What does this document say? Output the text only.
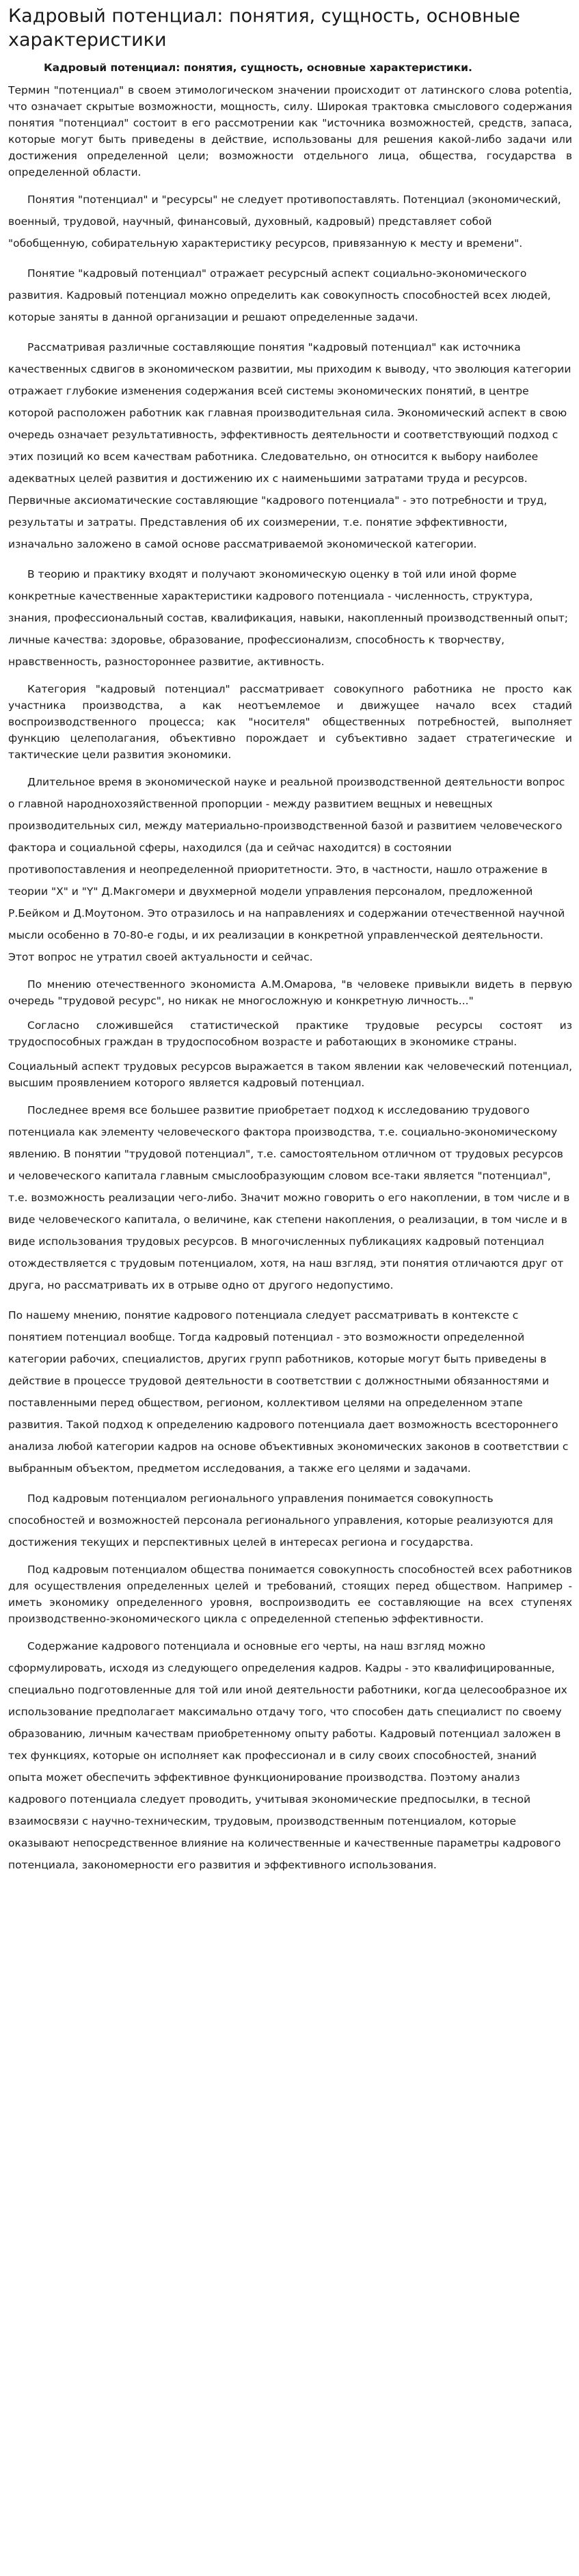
Кадровый потенциал: понятия, сущность, основные характеристики
Кадровый потенциал: понятия, сущность, основные характеристики.

Термин "потенциал" в своем этимологическом значении происходит от латинского слова potentia, что означает скрытые возможности, мощность, силу. Широкая трактовка смыслового содержания понятия "потенциал" состоит в его рассмотрении как "источника возможностей, средств, запаса, которые могут быть приведены в действие, использованы для решения какой-либо задачи или достижения определенной цели; возможности отдельного лица, общества, государства в определенной области.

Понятия "потенциал" и "ресурсы" не следует противопоставлять. Потенциал (экономический, военный, трудовой, научный, финансовый, духовный, кадровый) представляет собой "обобщенную, собирательную характеристику ресурсов, привязанную к месту и времени".

Понятие "кадровый потенциал" отражает ресурсный аспект социально-экономического развития. Кадровый потенциал можно определить как совокупность способностей всех людей, которые заняты в данной организации и решают определенные задачи.

Рассматривая различные составляющие понятия "кадровый потенциал" как источника качественных сдвигов в экономическом развитии, мы приходим к выводу, что эволюция категории отражает глубокие изменения содержания всей системы экономических понятий, в центре которой расположен работник как главная производительная сила. Экономический аспект в свою очередь означает результативность, эффективность деятельности и соответствующий подход с этих позиций ко всем качествам работника. Следовательно, он относится к выбору наиболее адекватных целей развития и достижению их с наименьшими затратами труда и ресурсов. Первичные аксиоматические составляющие "кадрового потенциала" - это потребности и труд, результаты и затраты. Представления об их соизмерении, т.е. понятие эффективности, изначально заложено в самой основе рассматриваемой экономической категории.

В теорию и практику входят и получают экономическую оценку в той или иной форме конкретные качественные характеристики кадрового потенциала - численность, структура, знания, профессиональный состав, квалификация, навыки, накопленный производственный опыт; личные качества: здоровье, образование, профессионализм, способность к творчеству, нравственность, разностороннее развитие, активность.

Категория "кадровый потенциал" рассматривает совокупного работника не просто как участника производства, а как неотъемлемое и движущее начало всех стадий воспроизводственного процесса; как "носителя" общественных потребностей, выполняет функцию целеполагания, объективно порождает и субъективно задает стратегические и тактические цели развития экономики.

Длительное время в экономической науке и реальной производственной деятельности вопрос о главной народнохозяйственной пропорции - между развитием вещных и невещных производительных сил, между материально-производственной базой и развитием человеческого фактора и социальной сферы, находился (да и сейчас находится) в состоянии противопоставления и неопределенной приоритетности. Это, в частности, нашло отражение в теории "X" и "Y" Д.Макгомери и двухмерной модели управления персоналом, предложенной Р.Бейком и Д.Моутоном. Это отразилось и на направлениях и содержании отечественной научной мысли особенно в 70-80-е годы, и их реализации в конкретной управленческой деятельности. Этот вопрос не утратил своей актуальности и сейчас.

По мнению отечественного экономиста А.М.Омарова, "в человеке привыкли видеть в первую очередь "трудовой ресурс", но никак не многосложную и конкретную личность..."

Согласно сложившейся статистической практике трудовые ресурсы состоят из трудоспособных граждан в трудоспособном возрасте и работающих в экономике страны.

Социальный аспект трудовых ресурсов выражается в таком явлении как человеческий потенциал, высшим проявлением которого является кадровый потенциал.

Последнее время все большее развитие приобретает подход к исследованию трудового потенциала как элементу человеческого фактора производства, т.е. социально-экономическому явлению. В понятии "трудовой потенциал", т.е. самостоятельном отличном от трудовых ресурсов и человеческого капитала главным смыслообразующим словом все-таки является "потенциал", т.е. возможность реализации чего-либо. Значит можно говорить о его накоплении, в том числе и в виде человеческого капитала, о величине, как степени накопления, о реализации, в том числе и в виде использования трудовых ресурсов. В многочисленных публикациях кадровый потенциал отождествляется с трудовым потенциалом, хотя, на наш взгляд, эти понятия отличаются друг от друга, но рассматривать их в отрыве одно от другого недопустимо.

По нашему мнению, понятие кадрового потенциала следует рассматривать в контексте с понятием потенциал вообще. Тогда кадровый потенциал - это возможности определенной категории рабочих, специалистов, других групп работников, которые могут быть приведены в действие в процессе трудовой деятельности в соответствии с должностными обязанностями и поставленными перед обществом, регионом, коллективом целями на определенном этапе развития. Такой подход к определению кадрового потенциала дает возможность всестороннего анализа любой категории кадров на основе объективных экономических законов в соответствии с выбранным объектом, предметом исследования, а также его целями и задачами.

Под кадровым потенциалом регионального управления понимается совокупность способностей и возможностей персонала регионального управления, которые реализуются для достижения текущих и перспективных целей в интересах региона и государства.

Под кадровым потенциалом общества понимается совокупность способностей всех работников для осуществления определенных целей и требований, стоящих перед обществом. Например - иметь экономику определенного уровня, воспроизводить ее составляющие на всех ступенях производственно-экономического цикла с определенной степенью эффективности.

Содержание кадрового потенциала и основные его черты, на наш взгляд можно сформулировать, исходя из следующего определения кадров. Кадры - это квалифицированные, специально подготовленные для той или иной деятельности работники, когда целесообразное их использование предполагает максимально отдачу того, что способен дать специалист по своему образованию, личным качествам приобретенному опыту работы. Кадровый потенциал заложен в тех функциях, которые он исполняет как профессионал и в силу своих способностей, знаний опыта может обеспечить эффективное функционирование производства. Поэтому анализ кадрового потенциала следует проводить, учитывая экономические предпосылки, в тесной взаимосвязи с научно-техническим, трудовым, производственным потенциалом, которые оказывают непосредственное влияние на количественные и качественные параметры кадрового потенциала, закономерности его развития и эффективного использования.
